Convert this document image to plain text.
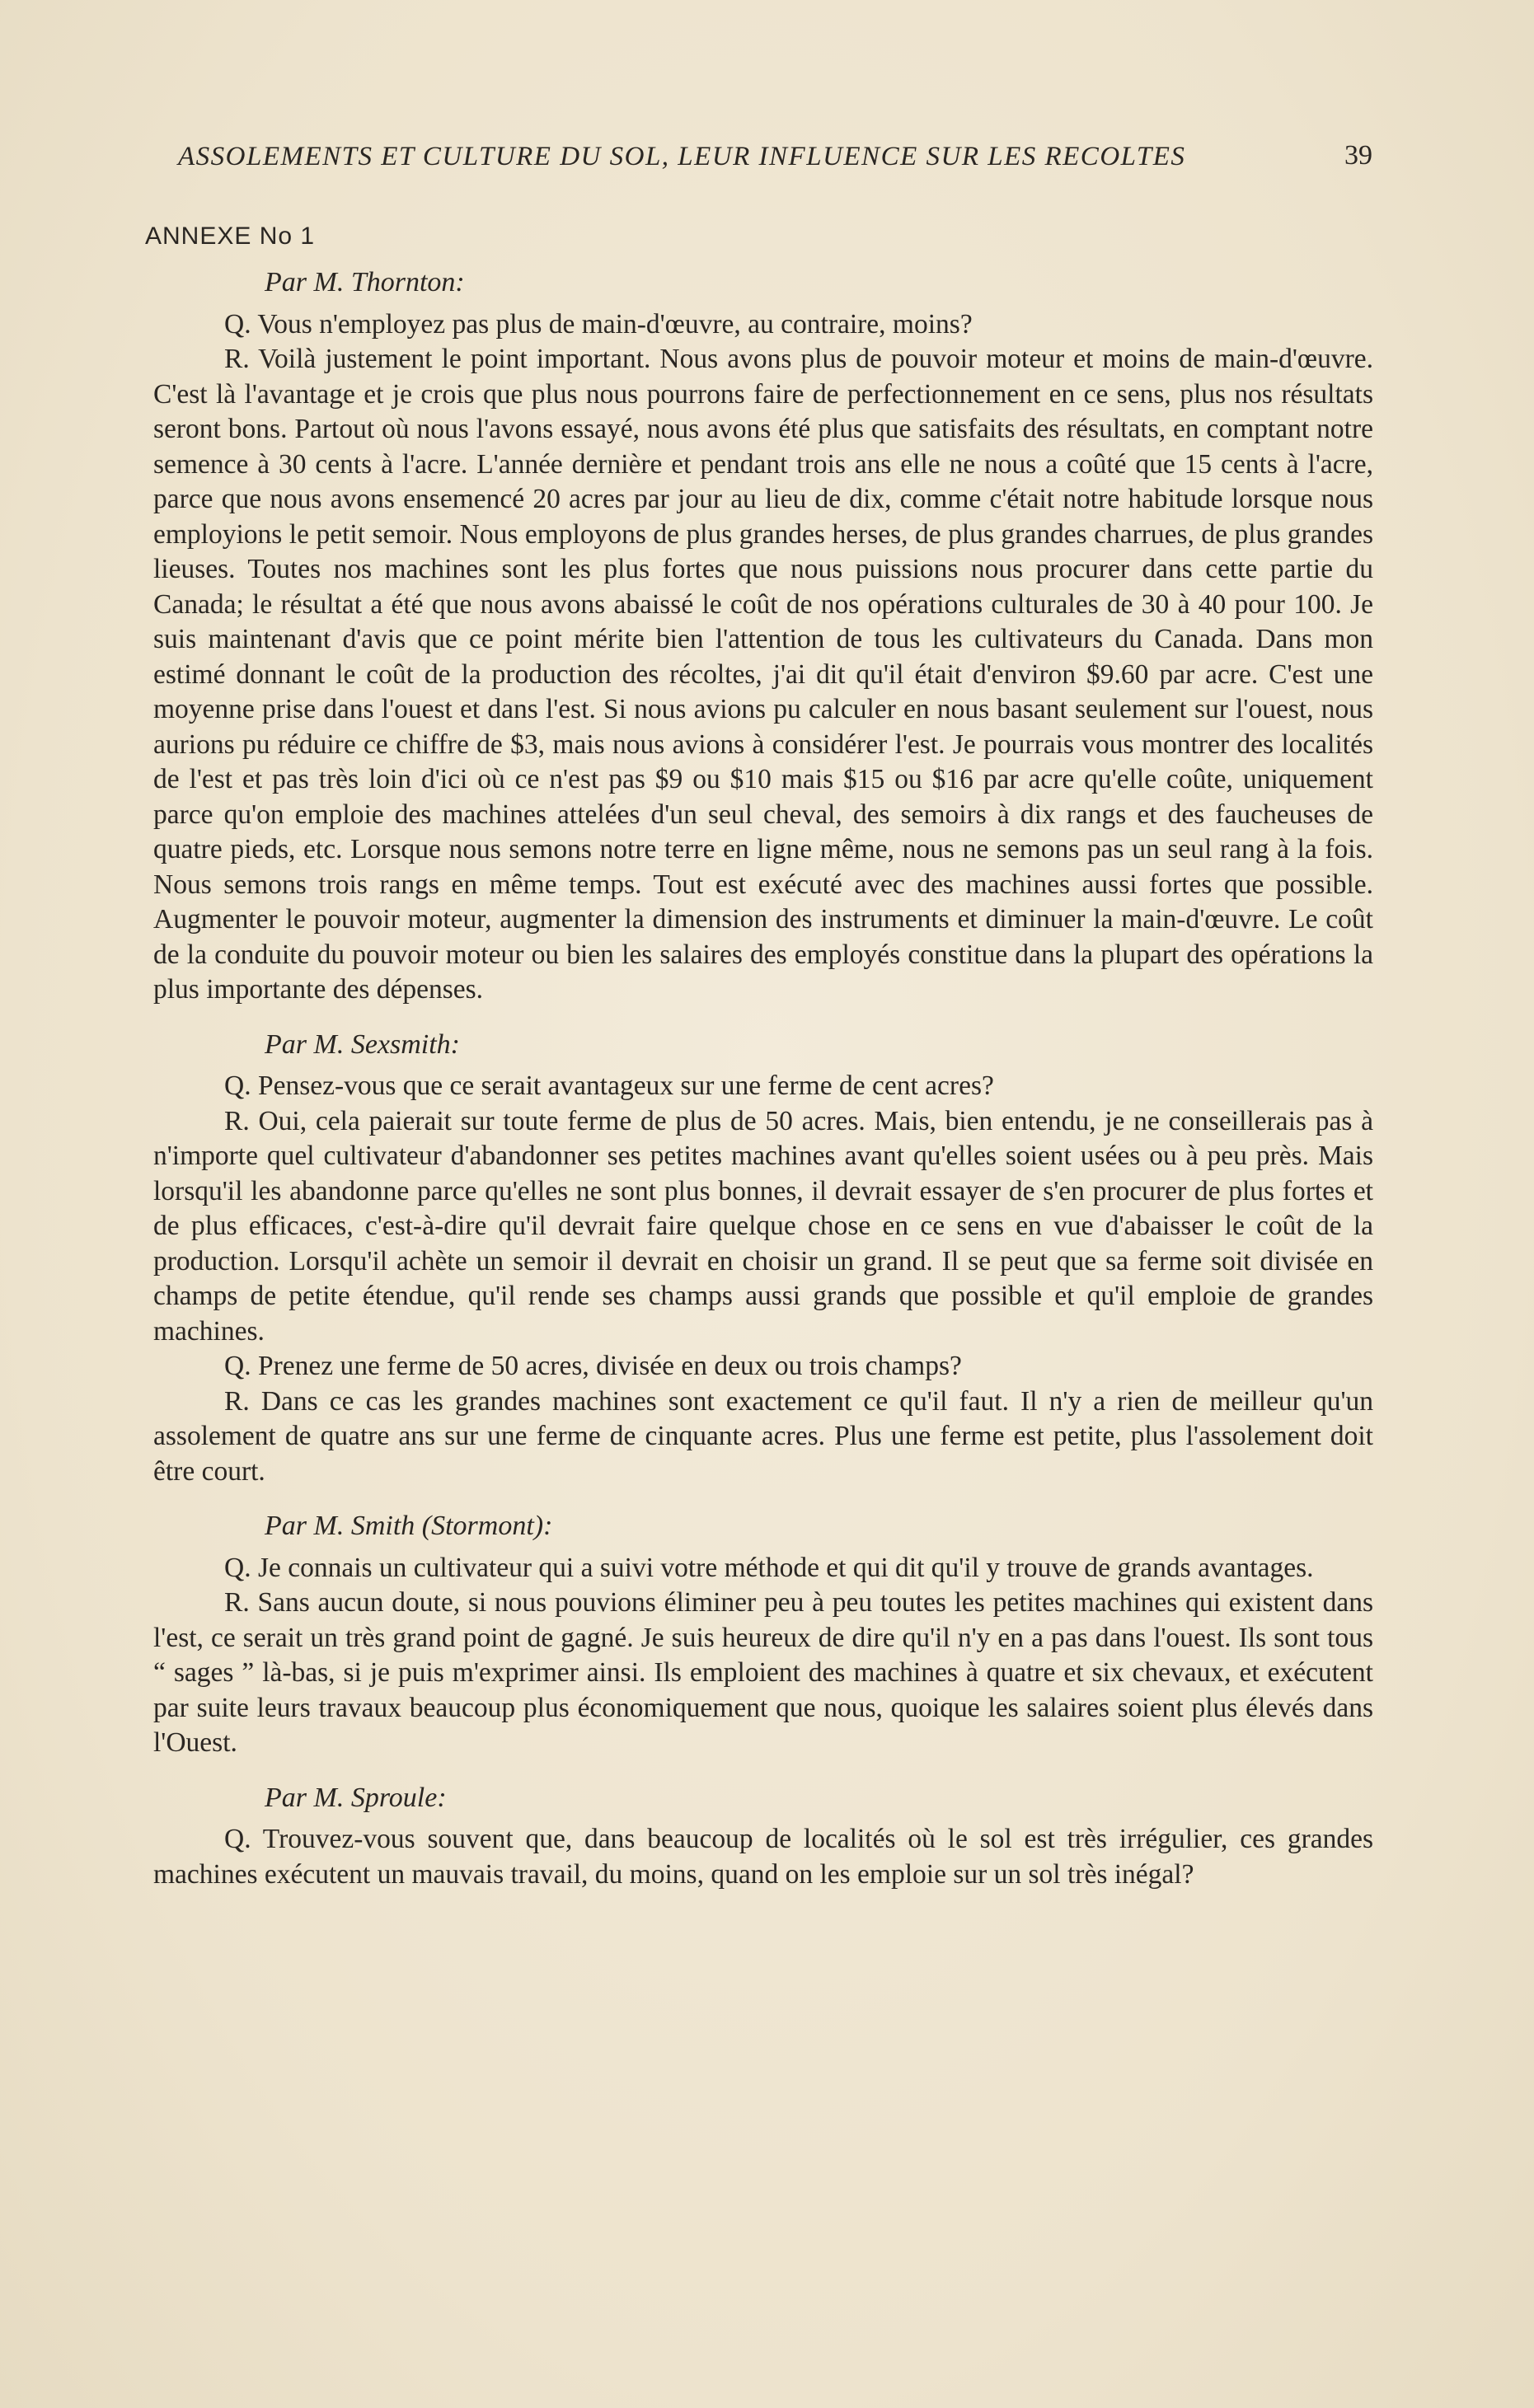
ASSOLEMENTS ET CULTURE DU SOL, LEUR INFLUENCE SUR LES RECOLTES	39
ANNEXE No 1

Par M. Thornton:

Q. Vous n'employez pas plus de main-d'œuvre, au contraire, moins?

R. Voilà justement le point important. Nous avons plus de pouvoir moteur et moins de main-d'œuvre. C'est là l'avantage et je crois que plus nous pourrons faire de perfectionnement en ce sens, plus nos résultats seront bons. Partout où nous l'avons essayé, nous avons été plus que satisfaits des résultats, en comptant notre semence à 30 cents à l'acre. L'année dernière et pendant trois ans elle ne nous a coûté que 15 cents à l'acre, parce que nous avons ensemencé 20 acres par jour au lieu de dix, comme c'était notre habitude lorsque nous employions le petit semoir. Nous employons de plus grandes herses, de plus grandes charrues, de plus grandes lieuses. Toutes nos machines sont les plus fortes que nous puissions nous procurer dans cette partie du Canada; le résultat a été que nous avons abaissé le coût de nos opérations culturales de 30 à 40 pour 100. Je suis maintenant d'avis que ce point mérite bien l'attention de tous les cultivateurs du Canada. Dans mon estimé donnant le coût de la production des récoltes, j'ai dit qu'il était d'environ $9.60 par acre. C'est une moyenne prise dans l'ouest et dans l'est. Si nous avions pu calculer en nous basant seulement sur l'ouest, nous aurions pu réduire ce chiffre de $3, mais nous avions à considérer l'est. Je pourrais vous montrer des localités de l'est et pas très loin d'ici où ce n'est pas $9 ou $10 mais $15 ou $16 par acre qu'elle coûte, uniquement parce qu'on emploie des machines attelées d'un seul cheval, des semoirs à dix rangs et des faucheuses de quatre pieds, etc. Lorsque nous semons notre terre en ligne même, nous ne semons pas un seul rang à la fois. Nous semons trois rangs en même temps. Tout est exécuté avec des machines aussi fortes que possible. Augmenter le pouvoir moteur, augmenter la dimension des instruments et diminuer la main-d'œuvre. Le coût de la conduite du pouvoir moteur ou bien les salaires des employés constitue dans la plupart des opérations la plus importante des dépenses.

Par M. Sexsmith:

Q. Pensez-vous que ce serait avantageux sur une ferme de cent acres?

R. Oui, cela paierait sur toute ferme de plus de 50 acres. Mais, bien entendu, je ne conseillerais pas à n'importe quel cultivateur d'abandonner ses petites machines avant qu'elles soient usées ou à peu près. Mais lorsqu'il les abandonne parce qu'elles ne sont plus bonnes, il devrait essayer de s'en procurer de plus fortes et de plus efficaces, c'est-à-dire qu'il devrait faire quelque chose en ce sens en vue d'abaisser le coût de la production. Lorsqu'il achète un semoir il devrait en choisir un grand. Il se peut que sa ferme soit divisée en champs de petite étendue, qu'il rende ses champs aussi grands que possible et qu'il emploie de grandes machines.

Q. Prenez une ferme de 50 acres, divisée en deux ou trois champs?

R. Dans ce cas les grandes machines sont exactement ce qu'il faut. Il n'y a rien de meilleur qu'un assolement de quatre ans sur une ferme de cinquante acres. Plus une ferme est petite, plus l'assolement doit être court.

Par M. Smith (Stormont):

Q. Je connais un cultivateur qui a suivi votre méthode et qui dit qu'il y trouve de grands avantages.

R. Sans aucun doute, si nous pouvions éliminer peu à peu toutes les petites machines qui existent dans l'est, ce serait un très grand point de gagné. Je suis heureux de dire qu'il n'y en a pas dans l'ouest. Ils sont tous “ sages ” là-bas, si je puis m'exprimer ainsi. Ils emploient des machines à quatre et six chevaux, et exécutent par suite leurs travaux beaucoup plus économiquement que nous, quoique les salaires soient plus élevés dans l'Ouest.

Par M. Sproule:

Q. Trouvez-vous souvent que, dans beaucoup de localités où le sol est très irrégulier, ces grandes machines exécutent un mauvais travail, du moins, quand on les emploie sur un sol très inégal?
